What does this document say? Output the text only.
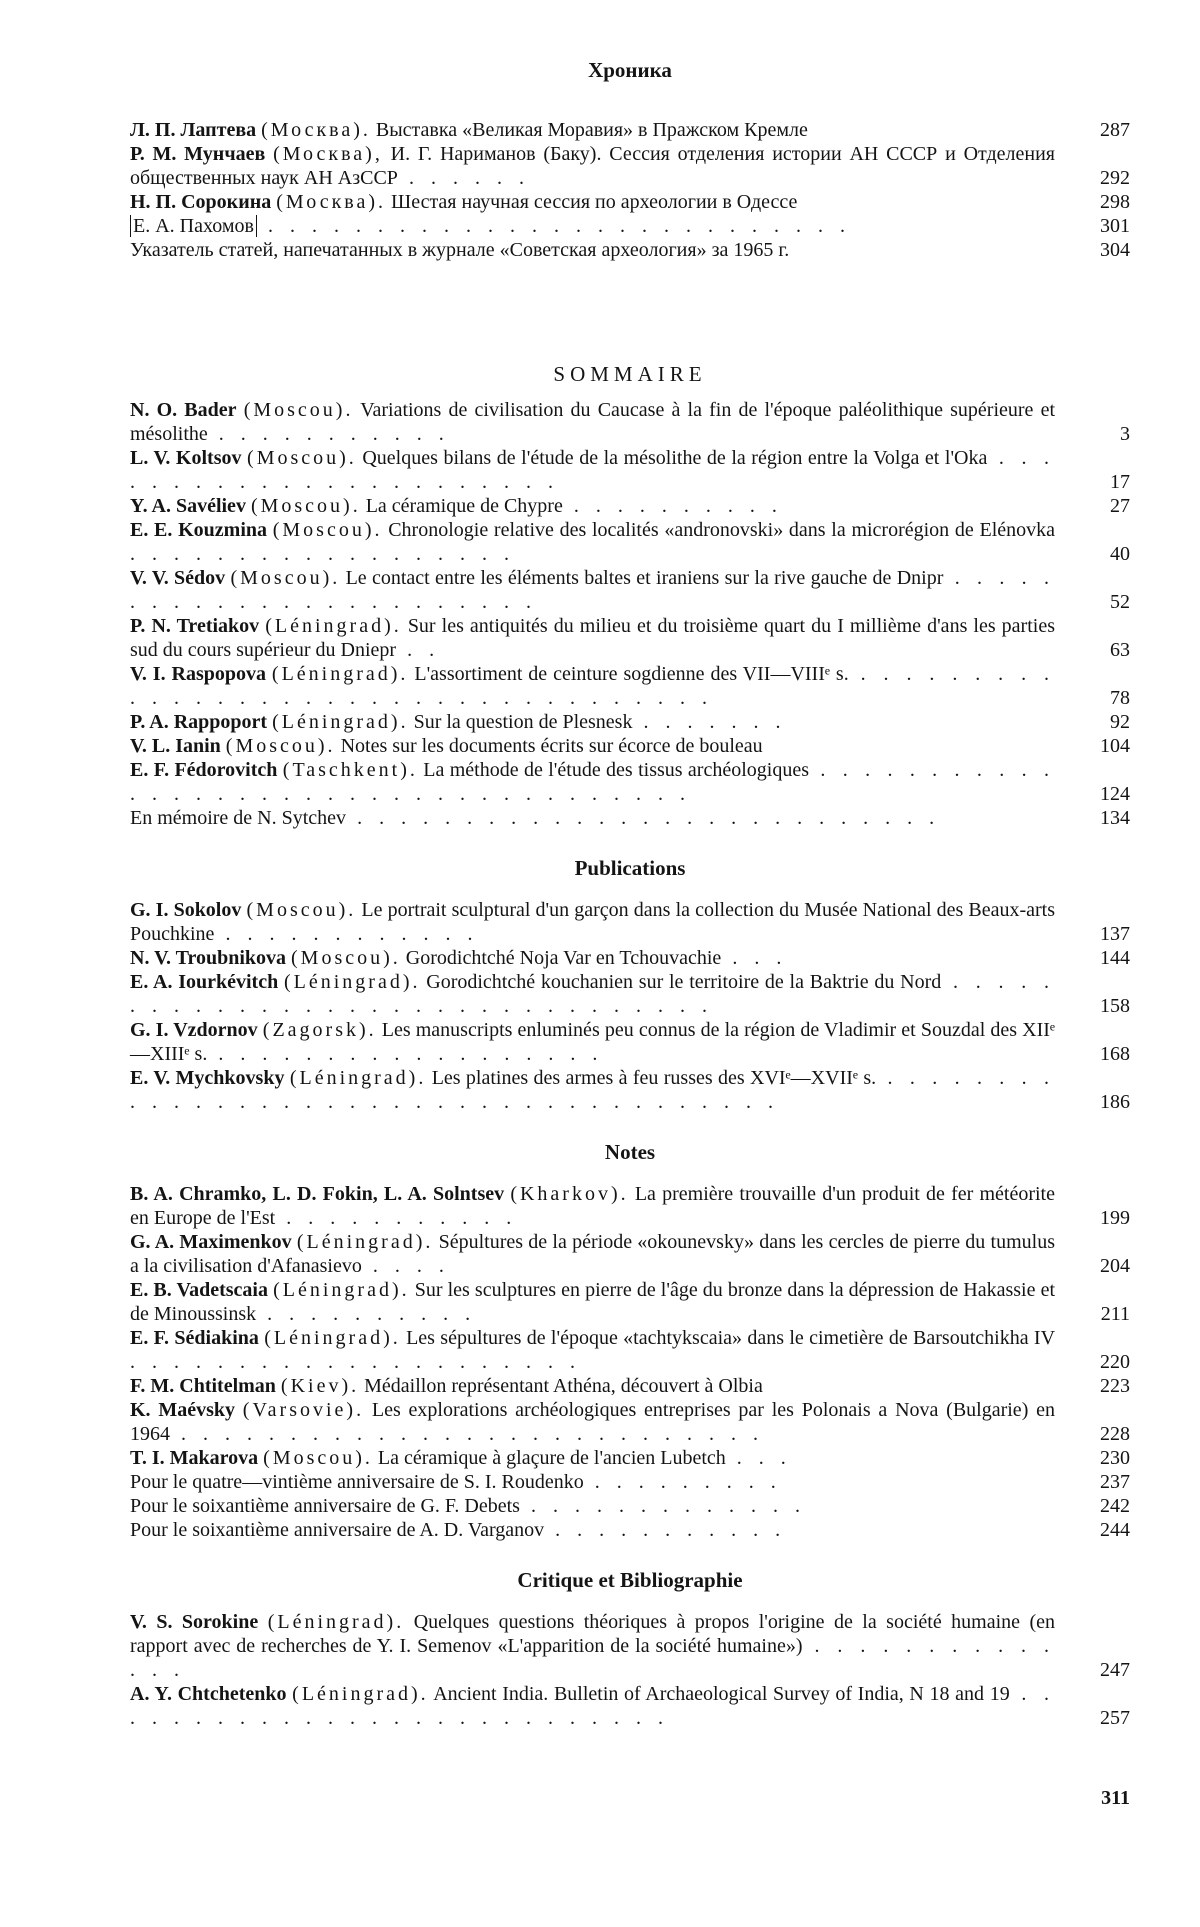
Хроника
Л. П. Лаптева (Москва). Выставка «Великая Моравия» в Пражском Кремле	287
Р. М. Мунчаев (Москва), И. Г. Нариманов (Баку). Сессия отделения истории АН СССР и Отделения общественных наук АН АзССР . . . . . .	292
Н. П. Сорокина (Москва). Шестая научная сессия по археологии в Одессе	298
Е. А. Пахомов . . . . . . . . . . . . . . . . . . . . . . . . . . .	301
Указатель статей, напечатанных в журнале «Советская археология» за 1965 г.	304
SOMMAIRE
N. O. Bader (Moscou). Variations de civilisation du Caucase à la fin de l'époque paléolithique supérieure et mésolithe . . . . . . . . . . .	3
L. V. Koltsov (Moscou). Quelques bilans de l'étude de la mésolithe de la région entre la Volga et l'Oka . . . . . . . . . . . . . . . . . . . . . . .	17
Y. A. Savéliev (Moscou). La céramique de Chypre . . . . . . . . . .	27
E. E. Kouzmina (Moscou). Chronologie relative des localités «andronovski» dans la microrégion de Elénovka . . . . . . . . . . . . . . . . . .	40
V. V. Sédov (Moscou). Le contact entre les éléments baltes et iraniens sur la rive gauche de Dnipr . . . . . . . . . . . . . . . . . . . . . . . .	52
P. N. Tretiakov (Léningrad). Sur les antiquités du milieu et du troisième quart du I millième d'ans les parties sud du cours supérieur du Dniepr . .	63
V. I. Raspopova (Léningrad). L'assortiment de ceinture sogdienne des VII—VIIIᵉ s. . . . . . . . . . . . . . . . . . . . . . . . . . . . . . . . . . . . .	78
P. A. Rappoport (Léningrad). Sur la question de Plesnesk . . . . . . .	92
V. L. Ianin (Moscou). Notes sur les documents écrits sur écorce de bouleau	104
E. F. Fédorovitch (Taschkent). La méthode de l'étude des tissus archéologiques . . . . . . . . . . . . . . . . . . . . . . . . . . . . . . . . . . . . .	124
En mémoire de N. Sytchev . . . . . . . . . . . . . . . . . . . . . . . . . . .	134
Publications
G. I. Sokolov (Moscou). Le portrait sculptural d'un garçon dans la collection du Musée National des Beaux-arts Pouchkine . . . . . . . . . . . .	137
N. V. Troubnikova (Moscou). Gorodichtché Noja Var en Tchouvachie . . .	144
E. A. Iourkévitch (Léningrad). Gorodichtché kouchanien sur le territoire de la Baktrie du Nord . . . . . . . . . . . . . . . . . . . . . . . . . . . . . . . .	158
G. I. Vzdornov (Zagorsk). Les manuscripts enluminés peu connus de la région de Vladimir et Souzdal des XIIᵉ—XIIIᵉ s. . . . . . . . . . . . . . . . . . .	168
E. V. Mychkovsky (Léningrad). Les platines des armes à feu russes des XVIᵉ—XVIIᵉ s. . . . . . . . . . . . . . . . . . . . . . . . . . . . . . . . . . . . . . .	186
Notes
B. A. Chramko, L. D. Fokin, L. A. Solntsev (Kharkov). La première trouvaille d'un produit de fer météorite en Europe de l'Est . . . . . . . . . . .	199
G. A. Maximenkov (Léningrad). Sépultures de la période «okounevsky» dans les cercles de pierre du tumulus a la civilisation d'Afanasievo . . . .	204
E. B. Vadetscaia (Léningrad). Sur les sculptures en pierre de l'âge du bronze dans la dépression de Hakassie et de Minoussinsk . . . . . . . . . .	211
E. F. Sédiakina (Léningrad). Les sépultures de l'époque «tachtykscaia» dans le cimetière de Barsoutchikha IV . . . . . . . . . . . . . . . . . . . . .	220
F. M. Chtitelman (Kiev). Médaillon représentant Athéna, découvert à Olbia	223
K. Maévsky (Varsovie). Les explorations archéologiques entreprises par les Polonais a Nova (Bulgarie) en 1964 . . . . . . . . . . . . . . . . . . . . . . . . . . .	228
T. I. Makarova (Moscou). La céramique à glaçure de l'ancien Lubetch . . .	230
Pour le quatre—vintième anniversaire de S. I. Roudenko . . . . . . . . .	237
Pour le soixantième anniversaire de G. F. Debets . . . . . . . . . . . . .	242
Pour le soixantième anniversaire de A. D. Varganov . . . . . . . . . . .	244
Critique et Bibliographie
V. S. Sorokine (Léningrad). Quelques questions théoriques à propos l'origine de la société humaine (en rapport avec de recherches de Y. I. Semenov «L'apparition de la société humaine») . . . . . . . . . . . . . .	247
A. Y. Chtchetenko (Léningrad). Ancient India. Bulletin of Archaeological Survey of India, N 18 and 19 . . . . . . . . . . . . . . . . . . . . . . . . . . .	257
311
